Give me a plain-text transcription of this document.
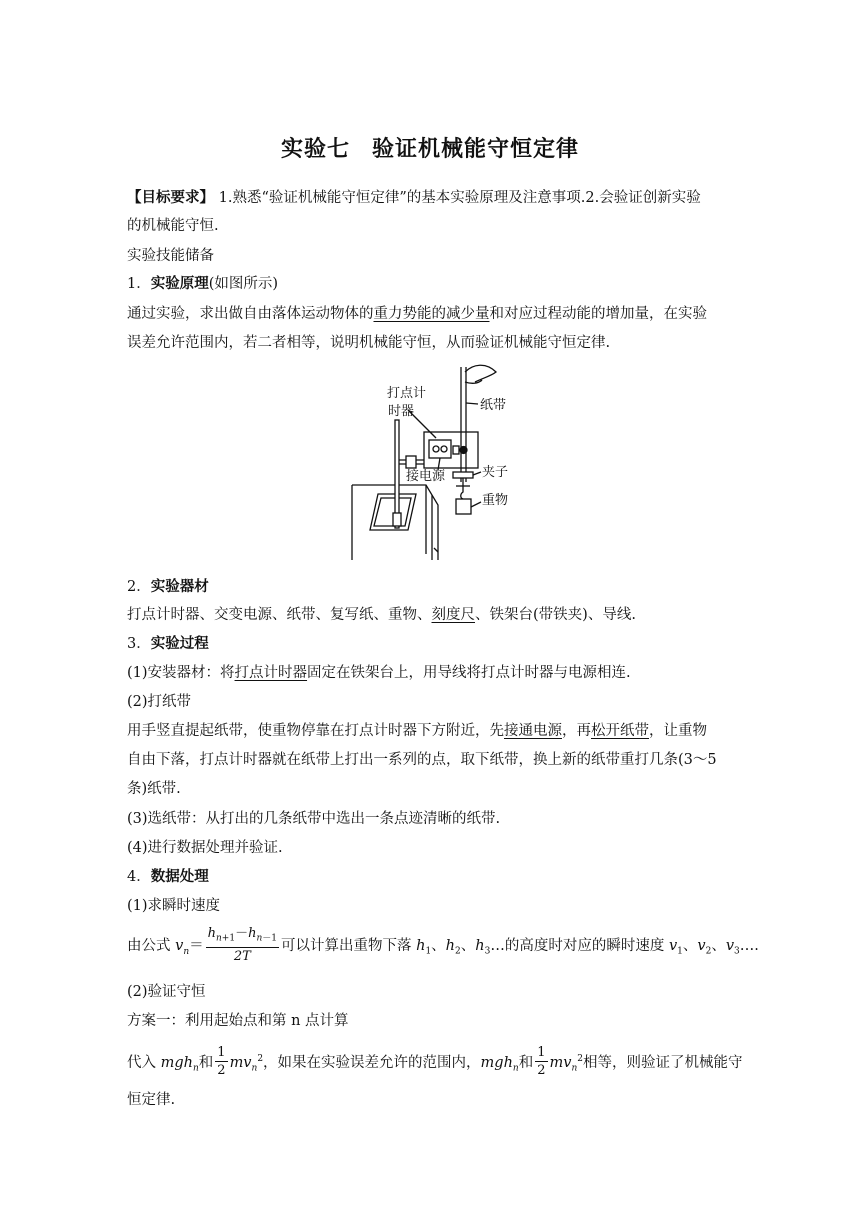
实验七 验证机械能守恒定律
【目标要求】 1.熟悉“验证机械能守恒定律”的基本实验原理及注意事项.2.会验证创新实验
的机械能守恒.
实验技能储备
1．实验原理(如图所示)
通过实验，求出做自由落体运动物体的重力势能的减少量和对应过程动能的增加量，在实验
误差允许范围内，若二者相等，说明机械能守恒，从而验证机械能守恒定律.
打点计
时器	纸带
接电源	夹子
重物
2．实验器材
打点计时器、交变电源、纸带、复写纸、重物、刻度尺、铁架台(带铁夹)、导线.
3．实验过程
(1)安装器材：将打点计时器固定在铁架台上，用导线将打点计时器与电源相连.
(2)打纸带
用手竖直提起纸带，使重物停靠在打点计时器下方附近，先接通电源，再松开纸带，让重物
自由下落，打点计时器就在纸带上打出一系列的点，取下纸带，换上新的纸带重打几条(3～5
条)纸带.
(3)选纸带：从打出的几条纸带中选出一条点迹清晰的纸带.
(4)进行数据处理并验证.
4．数据处理
(1)求瞬时速度
由公式 $v_n= \frac{h_{n+1}-h_{n-1}}{2T}$ 可以计算出重物下落 $h_1$、$h_2$、$h_3\dots$的高度时对应的瞬时速度 $v_1$、$v_2$、$v_3\dots$.
(2)验证守恒
方案一：利用起始点和第 n 点计算
代入 mgh$_n$和 $\frac{1}{2} mv_n^2$，如果在实验误差允许的范围内，mgh$_n$和 $\frac{1}{2} mv_n^2$相等，则验证了机械能守
恒定律.
